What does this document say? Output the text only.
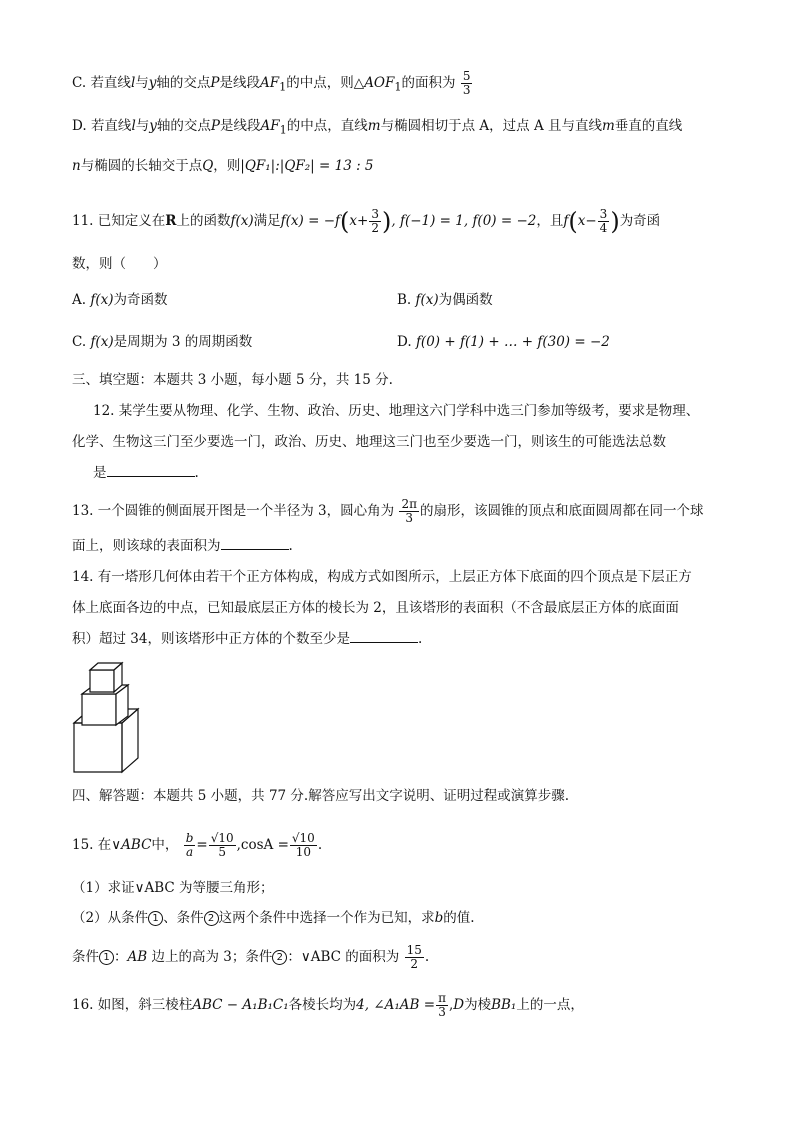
C. 若直线l与y轴的交点P是线段$AF_1$的中点，则$\triangle AOF_1$的面积为 $\frac{5}{3}$
D. 若直线l与y轴的交点P是线段$AF_1$的中点，直线m与椭圆相切于点 A，过点 A 且与直线m垂直的直线
n与椭圆的长轴交于点Q，则|QF₁|:|QF₂| = 13 : 5
11. 已知定义在R上的函数f(x)满足$f(x) = -f(x+ \frac{3}{2}$ ), f(−1) = 1, f(0) = −2，且$f(x- \frac{3}{4}$ )为奇函
数，则（　　）
A. f(x)为奇函数	B. f(x)为偶函数
C. f(x)是周期为 3 的周期函数	D. f(0) + f(1) + … + f(30) = −2
三、填空题：本题共 3 小题，每小题 5 分，共 15 分.
12. 某学生要从物理、化学、生物、政治、历史、地理这六门学科中选三门参加等级考，要求是物理、
化学、生物这三门至少要选一门，政治、历史、地理这三门也至少要选一门，则该生的可能选法总数
是	.
13. 一个圆锥的侧面展开图是一个半径为 3，圆心角为 $\frac{2\pi}{3}$ 的扇形，该圆锥的顶点和底面圆周都在同一个球
面上，则该球的表面积为	.
14. 有一塔形几何体由若干个正方体构成，构成方式如图所示，上层正方体下底面的四个顶点是下层正方
体上底面各边的中点，已知最底层正方体的棱长为 2，且该塔形的表面积（不含最底层正方体的底面面
积）超过 34，则该塔形中正方体的个数至少是	.
四、解答题：本题共 5 小题，共 77 分.解答应写出文字说明、证明过程或演算步骤.
15. 在∨ABC中， $\frac{b}{a} = \frac{√10}{5} ,\cos A = \frac{√10}{10}$ .
（1）求证∨ABC 为等腰三角形；
（2）从条件 1 、条件 2 这两个条件中选择一个作为已知，求b的值.
条件 1 ：AB 边上的高为 3；条件 2 ：∨ABC 的面积为 $\frac{15}{2}$ .
16. 如图，斜三棱柱ABC − A₁B₁C₁各棱长均为4, ∠A₁AB = $\frac{\pi}{3} ,D$为棱BB₁上的一点，
